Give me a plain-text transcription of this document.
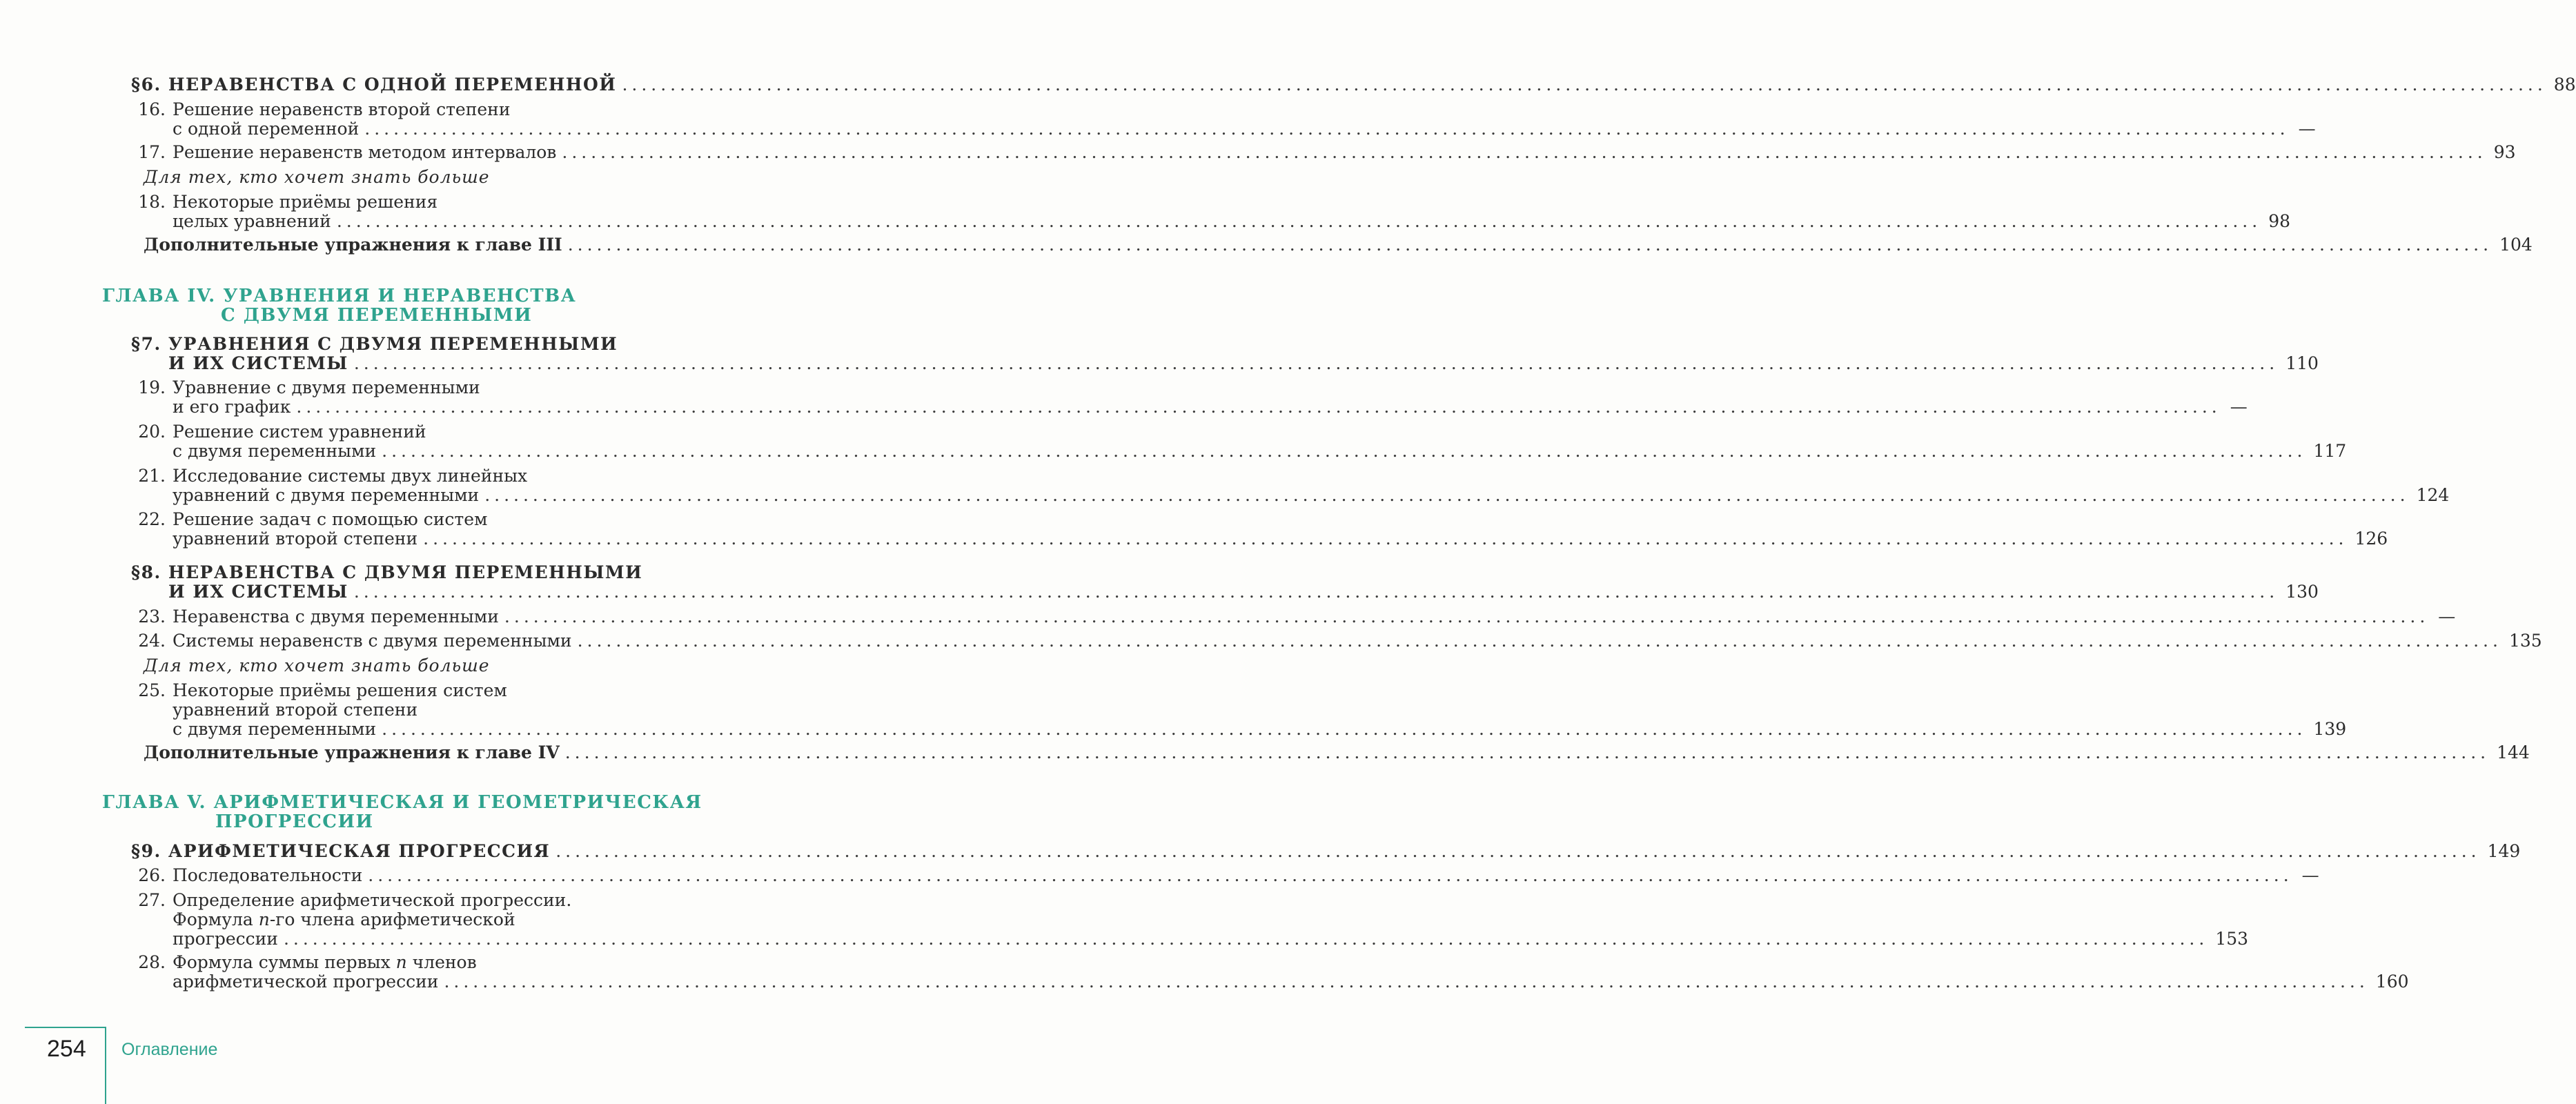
§6. НЕРАВЕНСТВА С ОДНОЙ ПЕРЕМЕННОЙ ........................................................................................................................................................................................................ 88
16. Решение неравенств второй степени
с одной переменной ........................................................................................................................................................................................................ —
17. Решение неравенств методом интервалов ........................................................................................................................................................................................................ 93
Для тех, кто хочет знать больше
18. Некоторые приёмы решения
целых уравнений ........................................................................................................................................................................................................ 98
Дополнительные упражнения к главе III ........................................................................................................................................................................................................ 104
ГЛАВА IV. УРАВНЕНИЯ И НЕРАВЕНСТВА
С ДВУМЯ ПЕРЕМЕННЫМИ
§7. УРАВНЕНИЯ С ДВУМЯ ПЕРЕМЕННЫМИ
И ИХ СИСТЕМЫ ........................................................................................................................................................................................................ 110
19. Уравнение с двумя переменными
и его график ........................................................................................................................................................................................................ —
20. Решение систем уравнений
с двумя переменными ........................................................................................................................................................................................................ 117
21. Исследование системы двух линейных
уравнений с двумя переменными ........................................................................................................................................................................................................ 124
22. Решение задач с помощью систем
уравнений второй степени ........................................................................................................................................................................................................ 126
§8. НЕРАВЕНСТВА С ДВУМЯ ПЕРЕМЕННЫМИ
И ИХ СИСТЕМЫ ........................................................................................................................................................................................................ 130
23. Неравенства с двумя переменными ........................................................................................................................................................................................................ —
24. Системы неравенств с двумя переменными ........................................................................................................................................................................................................ 135
Для тех, кто хочет знать больше
25. Некоторые приёмы решения систем
уравнений второй степени
с двумя переменными ........................................................................................................................................................................................................ 139
Дополнительные упражнения к главе IV ........................................................................................................................................................................................................ 144
ГЛАВА V. АРИФМЕТИЧЕСКАЯ И ГЕОМЕТРИЧЕСКАЯ
ПРОГРЕССИИ
§9. АРИФМЕТИЧЕСКАЯ ПРОГРЕССИЯ ........................................................................................................................................................................................................ 149
26. Последовательности ........................................................................................................................................................................................................ —
27. Определение арифметической прогрессии.
Формула n-го члена арифметической
прогрессии ........................................................................................................................................................................................................ 153
28. Формула суммы первых n членов
арифметической прогрессии ........................................................................................................................................................................................................ 160
254 Оглавление
